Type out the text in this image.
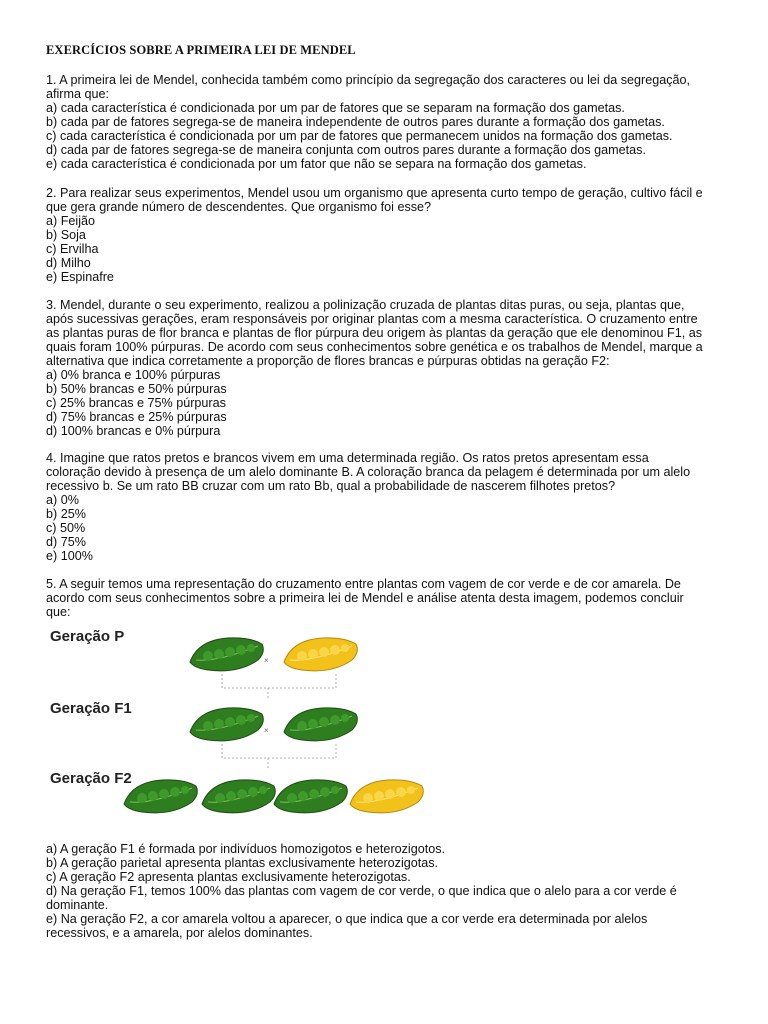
EXERCÍCIOS SOBRE A PRIMEIRA LEI DE MENDEL
1. A primeira lei de Mendel, conhecida também como princípio da segregação dos caracteres ou lei da segregação,
afirma que:
a) cada característica é condicionada por um par de fatores que se separam na formação dos gametas.
b) cada par de fatores segrega-se de maneira independente de outros pares durante a formação dos gametas.
c) cada característica é condicionada por um par de fatores que permanecem unidos na formação dos gametas.
d) cada par de fatores segrega-se de maneira conjunta com outros pares durante a formação dos gametas.
e) cada característica é condicionada por um fator que não se separa na formação dos gametas.
2. Para realizar seus experimentos, Mendel usou um organismo que apresenta curto tempo de geração, cultivo fácil e
que gera grande número de descendentes. Que organismo foi esse?
a) Feijão
b) Soja
c) Ervilha
d) Milho
e) Espinafre
3. Mendel, durante o seu experimento, realizou a polinização cruzada de plantas ditas puras, ou seja, plantas que,
após sucessivas gerações, eram responsáveis por originar plantas com a mesma característica. O cruzamento entre
as plantas puras de flor branca e plantas de flor púrpura deu origem às plantas da geração que ele denominou F1, as
quais foram 100% púrpuras. De acordo com seus conhecimentos sobre genética e os trabalhos de Mendel, marque a
alternativa que indica corretamente a proporção de flores brancas e púrpuras obtidas na geração F2:
a) 0% branca e 100% púrpuras
b) 50% brancas e 50% púrpuras
c) 25% brancas e 75% púrpuras
d) 75% brancas e 25% púrpuras
d) 100% brancas e 0% púrpura
4. Imagine que ratos pretos e brancos vivem em uma determinada região. Os ratos pretos apresentam essa
coloração devido à presença de um alelo dominante B. A coloração branca da pelagem é determinada por um alelo
recessivo b. Se um rato BB cruzar com um rato Bb, qual a probabilidade de nascerem filhotes pretos?
a) 0%
b) 25%
c) 50%
d) 75%
e) 100%
5. A seguir temos uma representação do cruzamento entre plantas com vagem de cor verde e de cor amarela. De
acordo com seus conhecimentos sobre a primeira lei de Mendel e análise atenta desta imagem, podemos concluir
que:
Geração P
Geração F1
Geração F2
×
×
a) A geração F1 é formada por indivíduos homozigotos e heterozigotos.
b) A geração parietal apresenta plantas exclusivamente heterozigotas.
c) A geração F2 apresenta plantas exclusivamente heterozigotas.
d) Na geração F1, temos 100% das plantas com vagem de cor verde, o que indica que o alelo para a cor verde é
dominante.
e) Na geração F2, a cor amarela voltou a aparecer, o que indica que a cor verde era determinada por alelos
recessivos, e a amarela, por alelos dominantes.
